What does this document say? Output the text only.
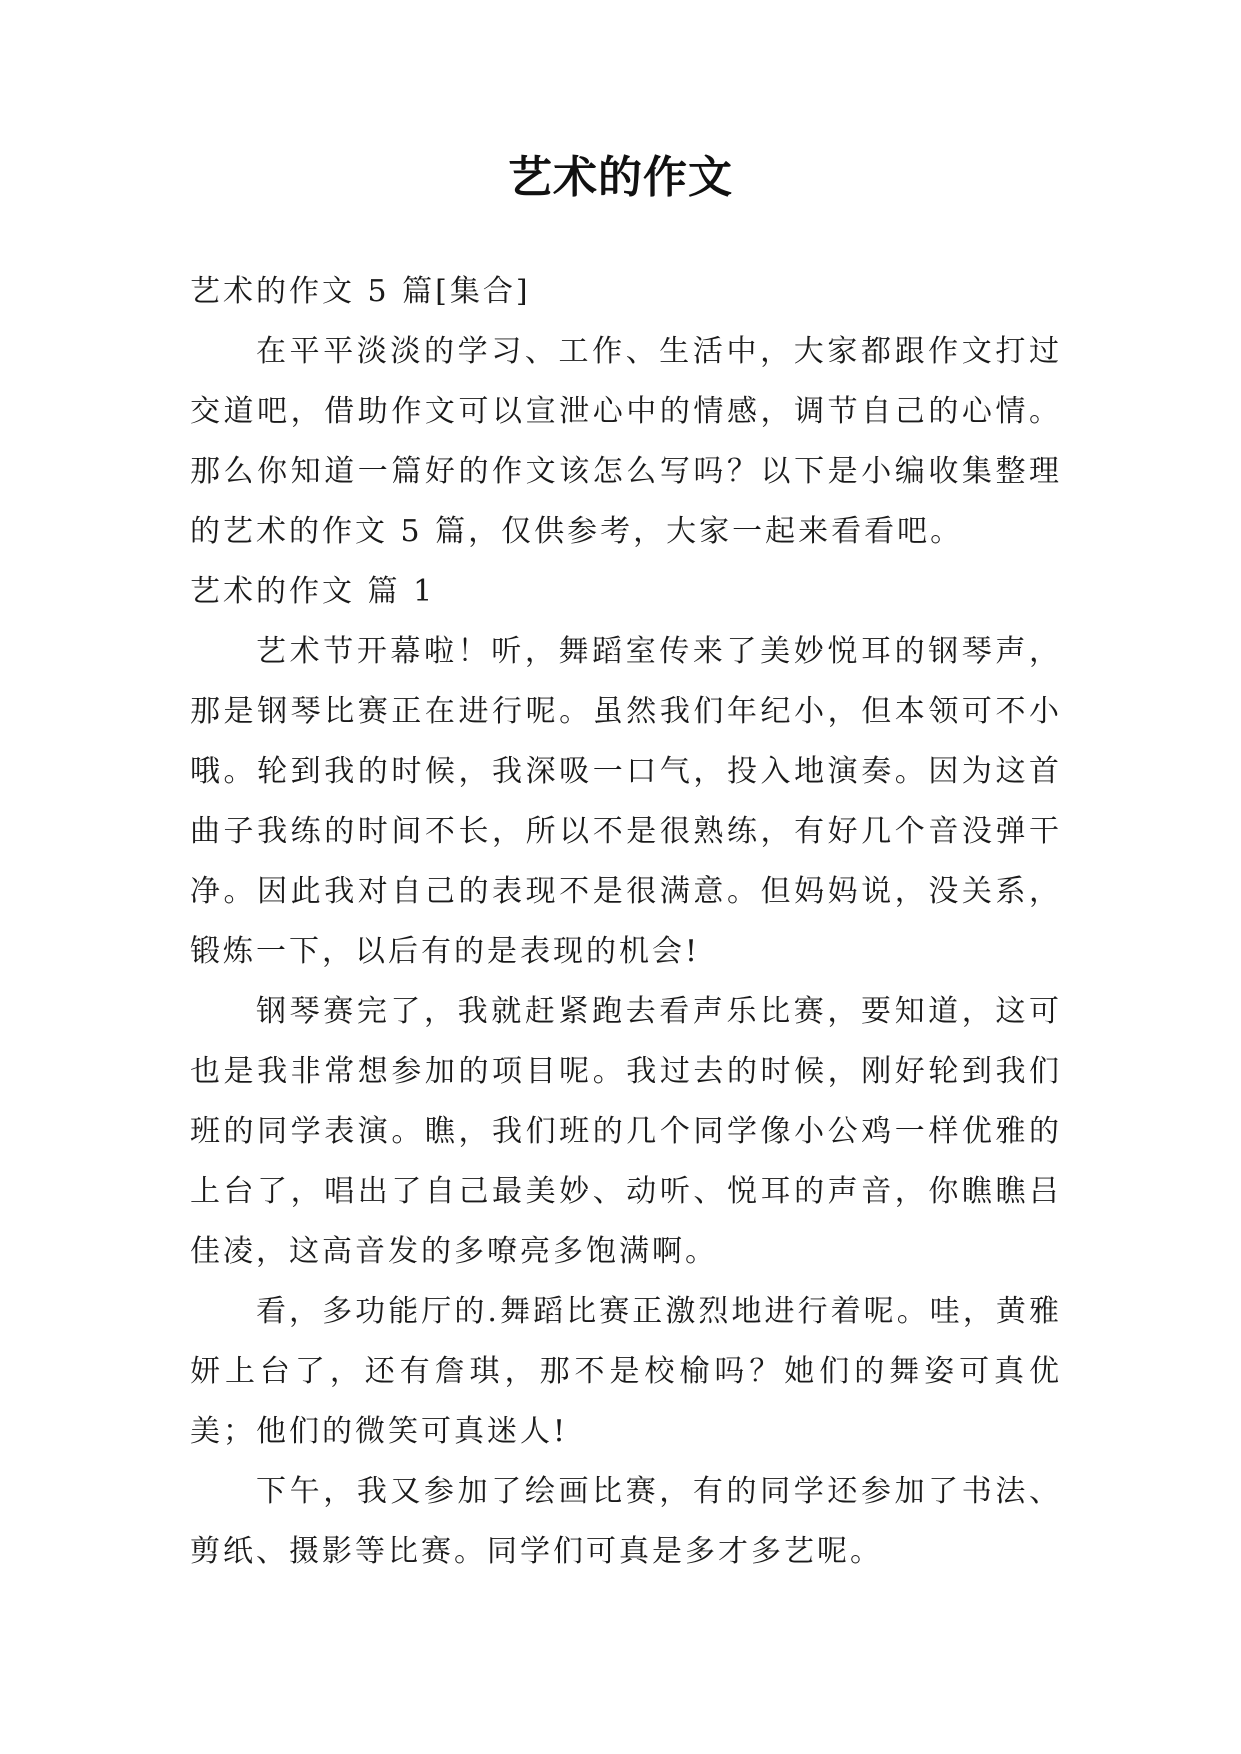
艺术的作文

艺术的作文 5 篇[集合]

在平平淡淡的学习、工作、生活中，大家都跟作文打过交道吧，借助作文可以宣泄心中的情感，调节自己的心情。那么你知道一篇好的作文该怎么写吗？以下是小编收集整理的艺术的作文 5 篇，仅供参考，大家一起来看看吧。

艺术的作文 篇 1

艺术节开幕啦！听，舞蹈室传来了美妙悦耳的钢琴声，那是钢琴比赛正在进行呢。虽然我们年纪小，但本领可不小哦。轮到我的时候，我深吸一口气，投入地演奏。因为这首曲子我练的时间不长，所以不是很熟练，有好几个音没弹干净。因此我对自己的表现不是很满意。但妈妈说，没关系，锻炼一下，以后有的是表现的机会!

钢琴赛完了，我就赶紧跑去看声乐比赛，要知道，这可也是我非常想参加的项目呢。我过去的时候，刚好轮到我们班的同学表演。瞧，我们班的几个同学像小公鸡一样优雅的上台了，唱出了自己最美妙、动听、悦耳的声音，你瞧瞧吕佳凌，这高音发的多嘹亮多饱满啊。

看，多功能厅的.舞蹈比赛正激烈地进行着呢。哇，黄雅妍上台了，还有詹琪，那不是校榆吗？她们的舞姿可真优美；他们的微笑可真迷人!

下午，我又参加了绘画比赛，有的同学还参加了书法、剪纸、摄影等比赛。同学们可真是多才多艺呢。
